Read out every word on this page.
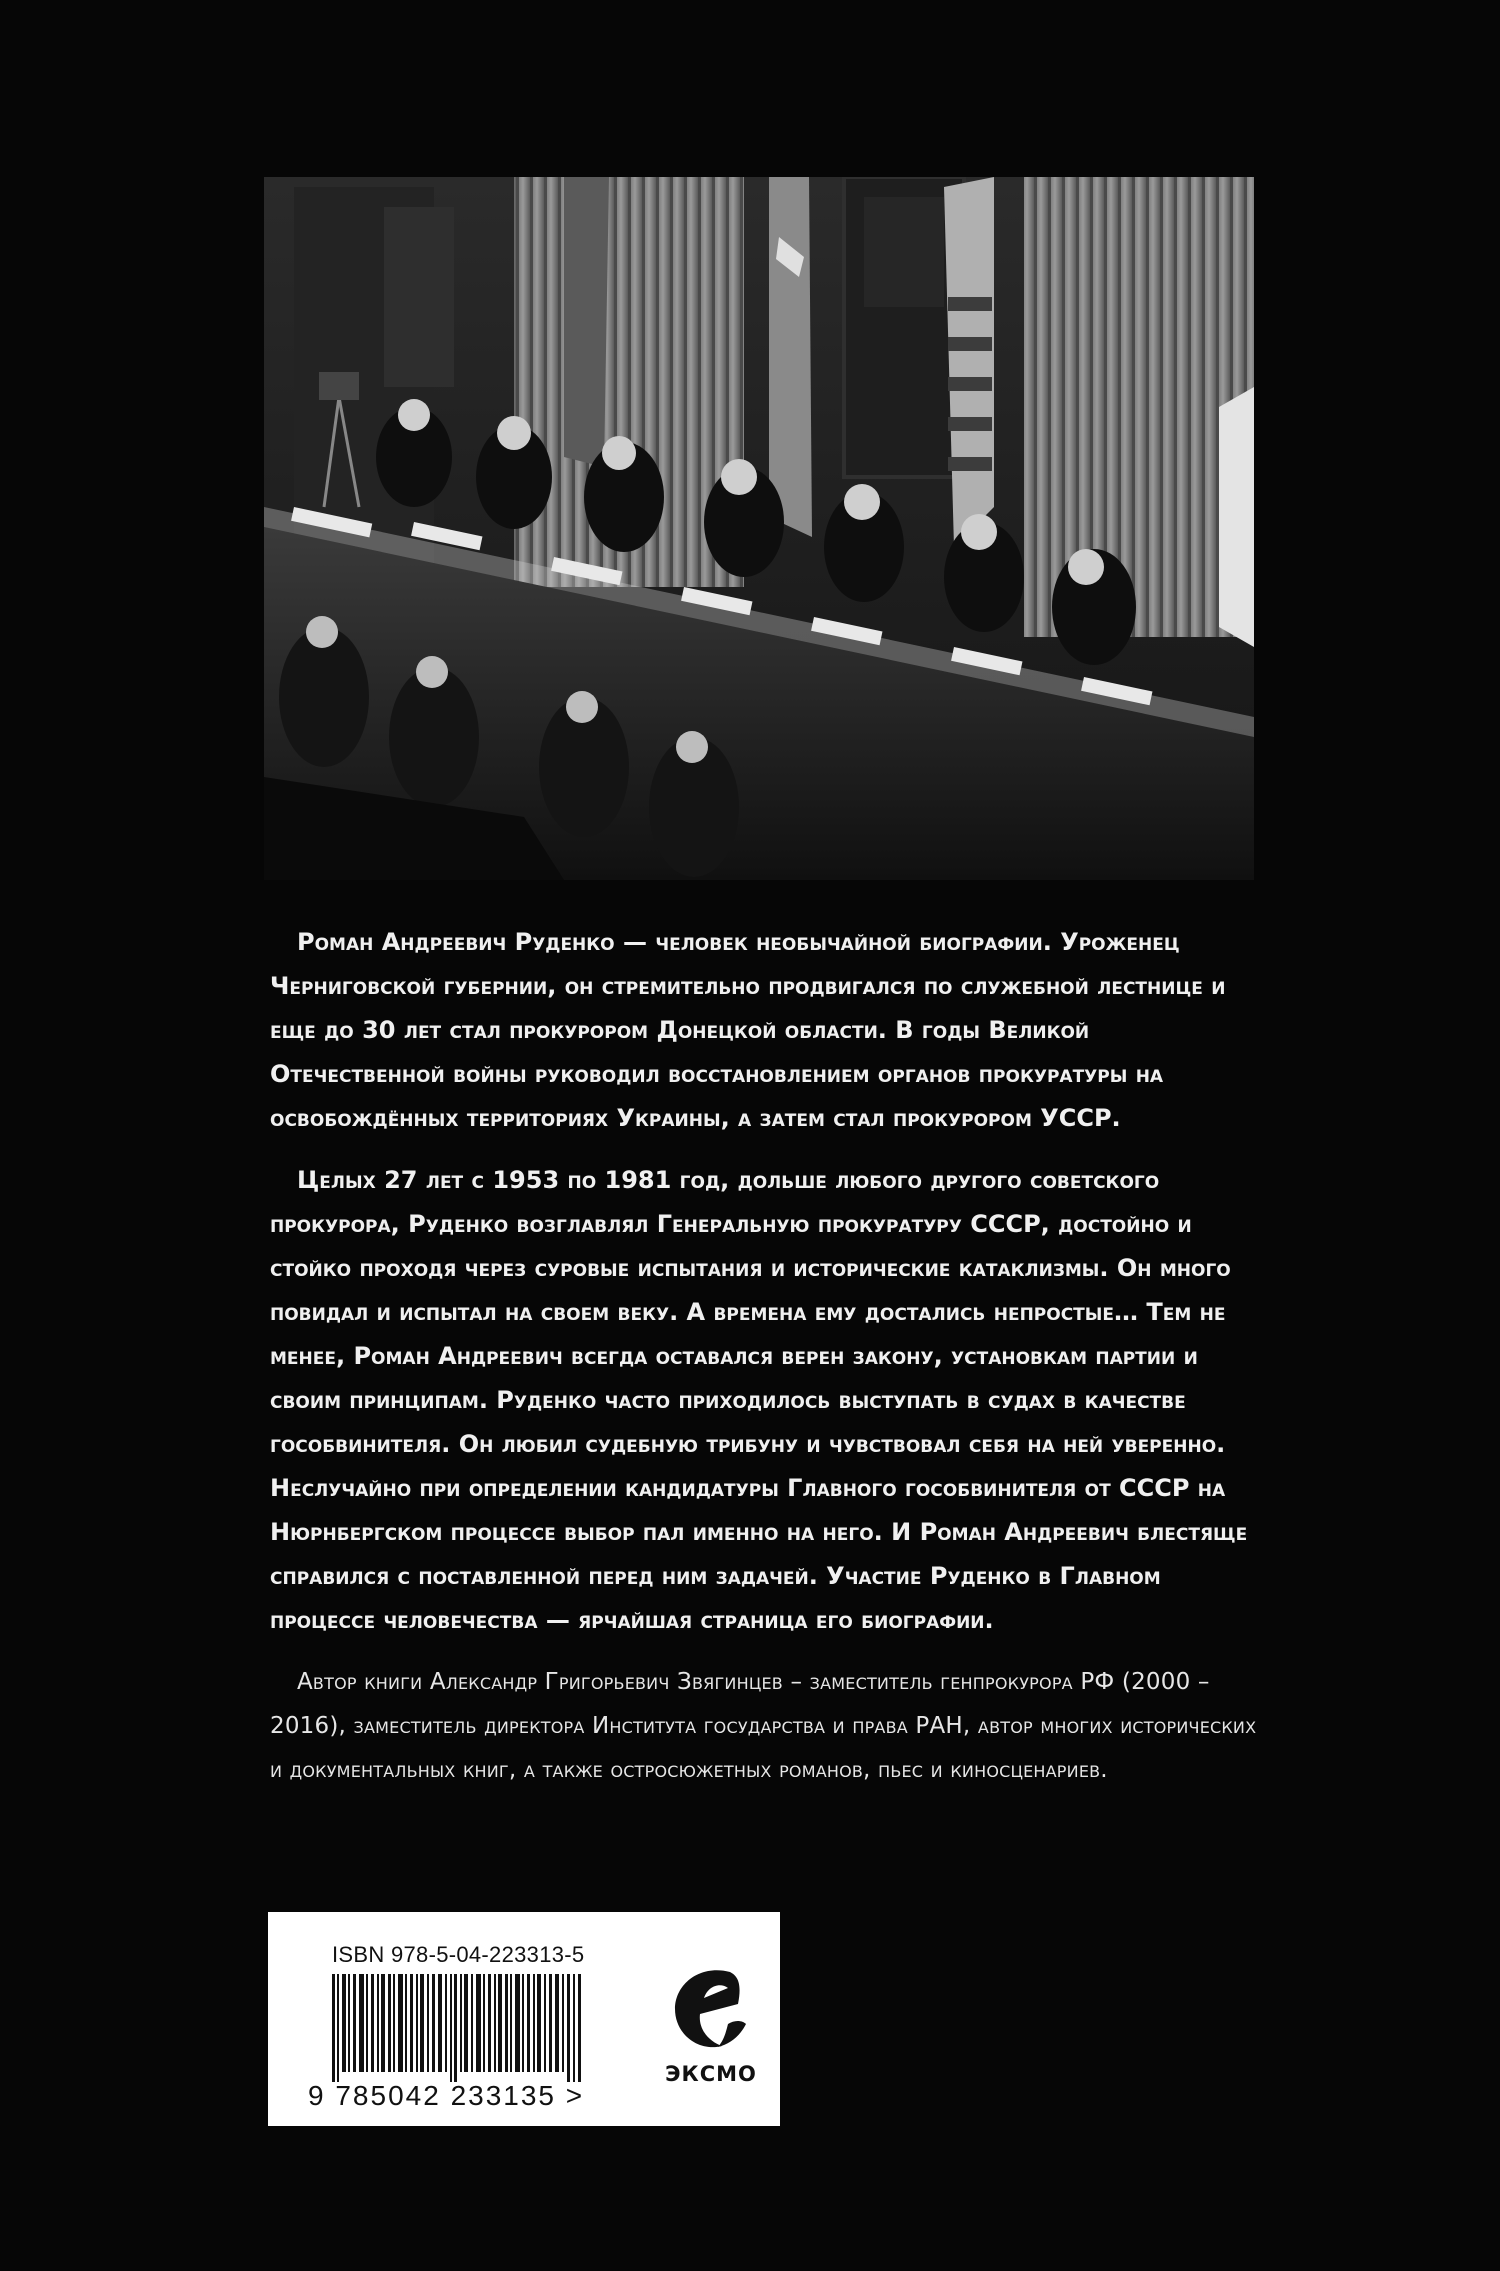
Роман Андреевич Руденко — человек необычайной биографии. Уроженец Черниговской губернии, он стремительно продвигался по служебной лестнице и еще до 30 лет стал прокурором Донецкой области. В годы Великой Отечественной войны руководил восстановлением органов прокуратуры на освобождённых территориях Украины, а затем стал прокурором УССР.

Целых 27 лет с 1953 по 1981 год, дольше любого другого советского прокурора, Руденко возглавлял Генеральную прокуратуру СССР, достойно и стойко проходя через суровые испытания и исторические катаклизмы. Он много повидал и испытал на своем веку. А времена ему достались непростые… Тем не менее, Роман Андреевич всегда оставался верен закону, установкам партии и своим принципам. Руденко часто приходилось выступать в судах в качестве гособвинителя. Он любил судебную трибуну и чувствовал себя на ней уверенно. Неслучайно при определении кандидатуры Главного гособвинителя от СССР на Нюрнбергском процессе выбор пал именно на него. И Роман Андреевич блестяще справился с поставленной перед ним задачей. Участие Руденко в Главном процессе человечества — ярчайшая страница его биографии.

Автор книги Александр Григорьевич Звягинцев – заместитель генпрокурора РФ (2000 – 2016), заместитель директора Института государства и права РАН, автор многих исторических и документальных книг, а также остросюжетных романов, пьес и киносценариев.

ISBN 978-5-04-223313-5
9 785042 233135 >
ЭКСМО
